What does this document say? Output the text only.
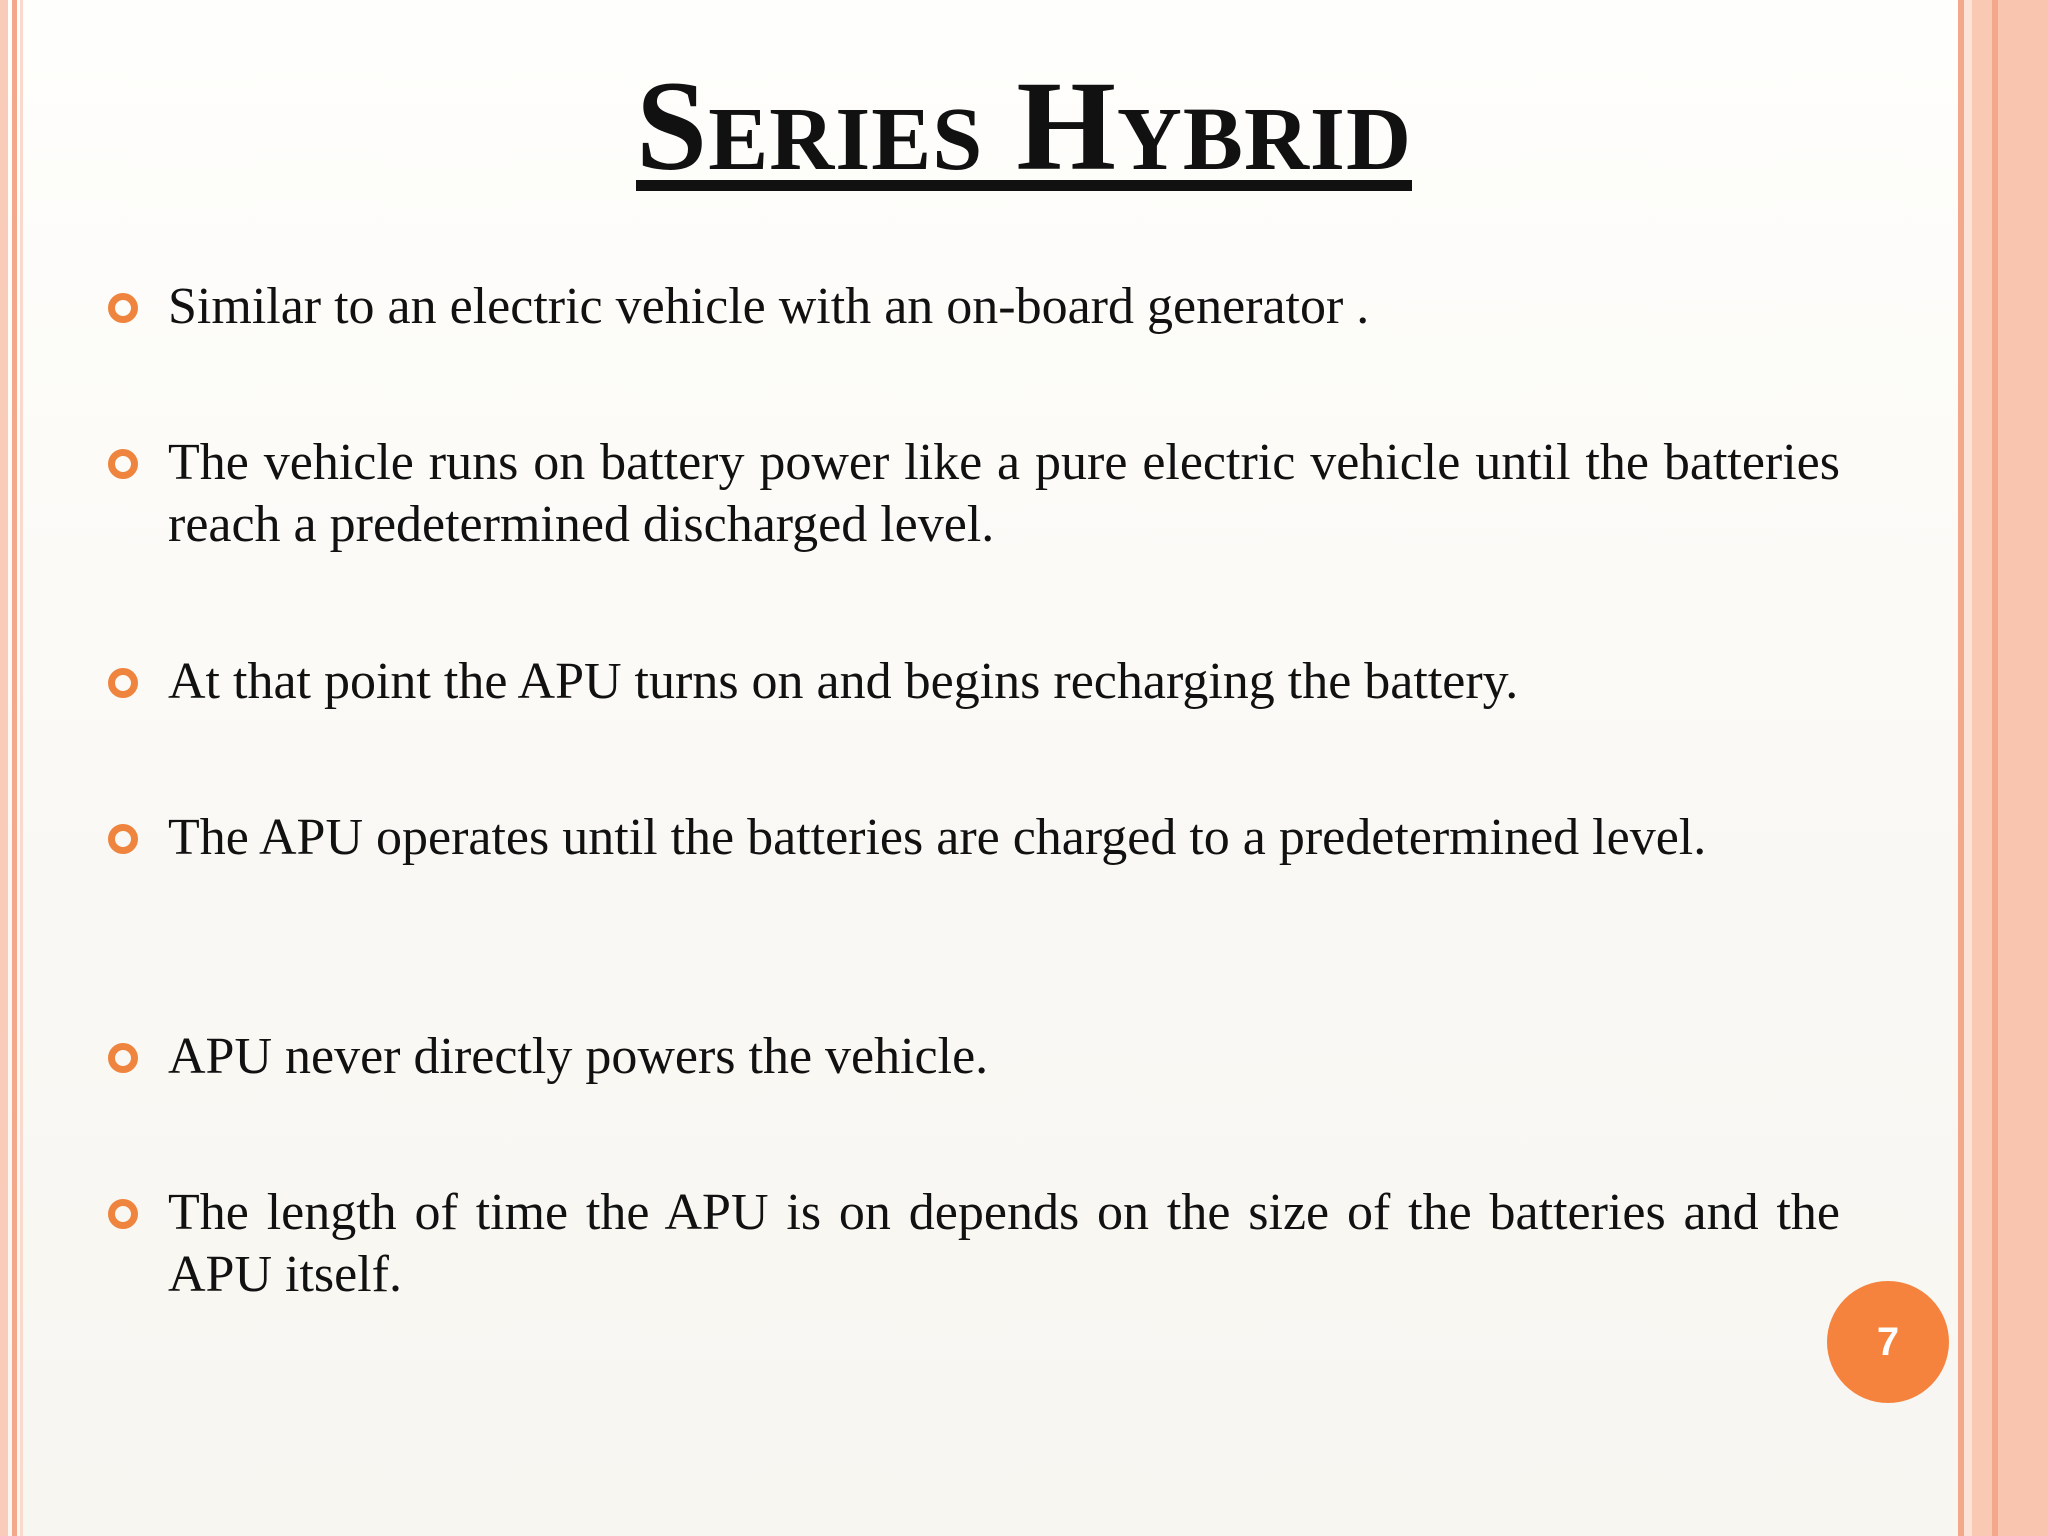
Series Hybrid
Similar to an electric vehicle with an on-board generator .
The vehicle runs on battery power like a pure electric vehicle until the batteries reach a predetermined discharged level.
At that point the APU turns on and begins recharging the battery.
The APU operates until the batteries are charged to a predetermined level.
APU never directly powers the vehicle.
The length of time the APU is on depends on the size of the batteries and the APU itself.
7
